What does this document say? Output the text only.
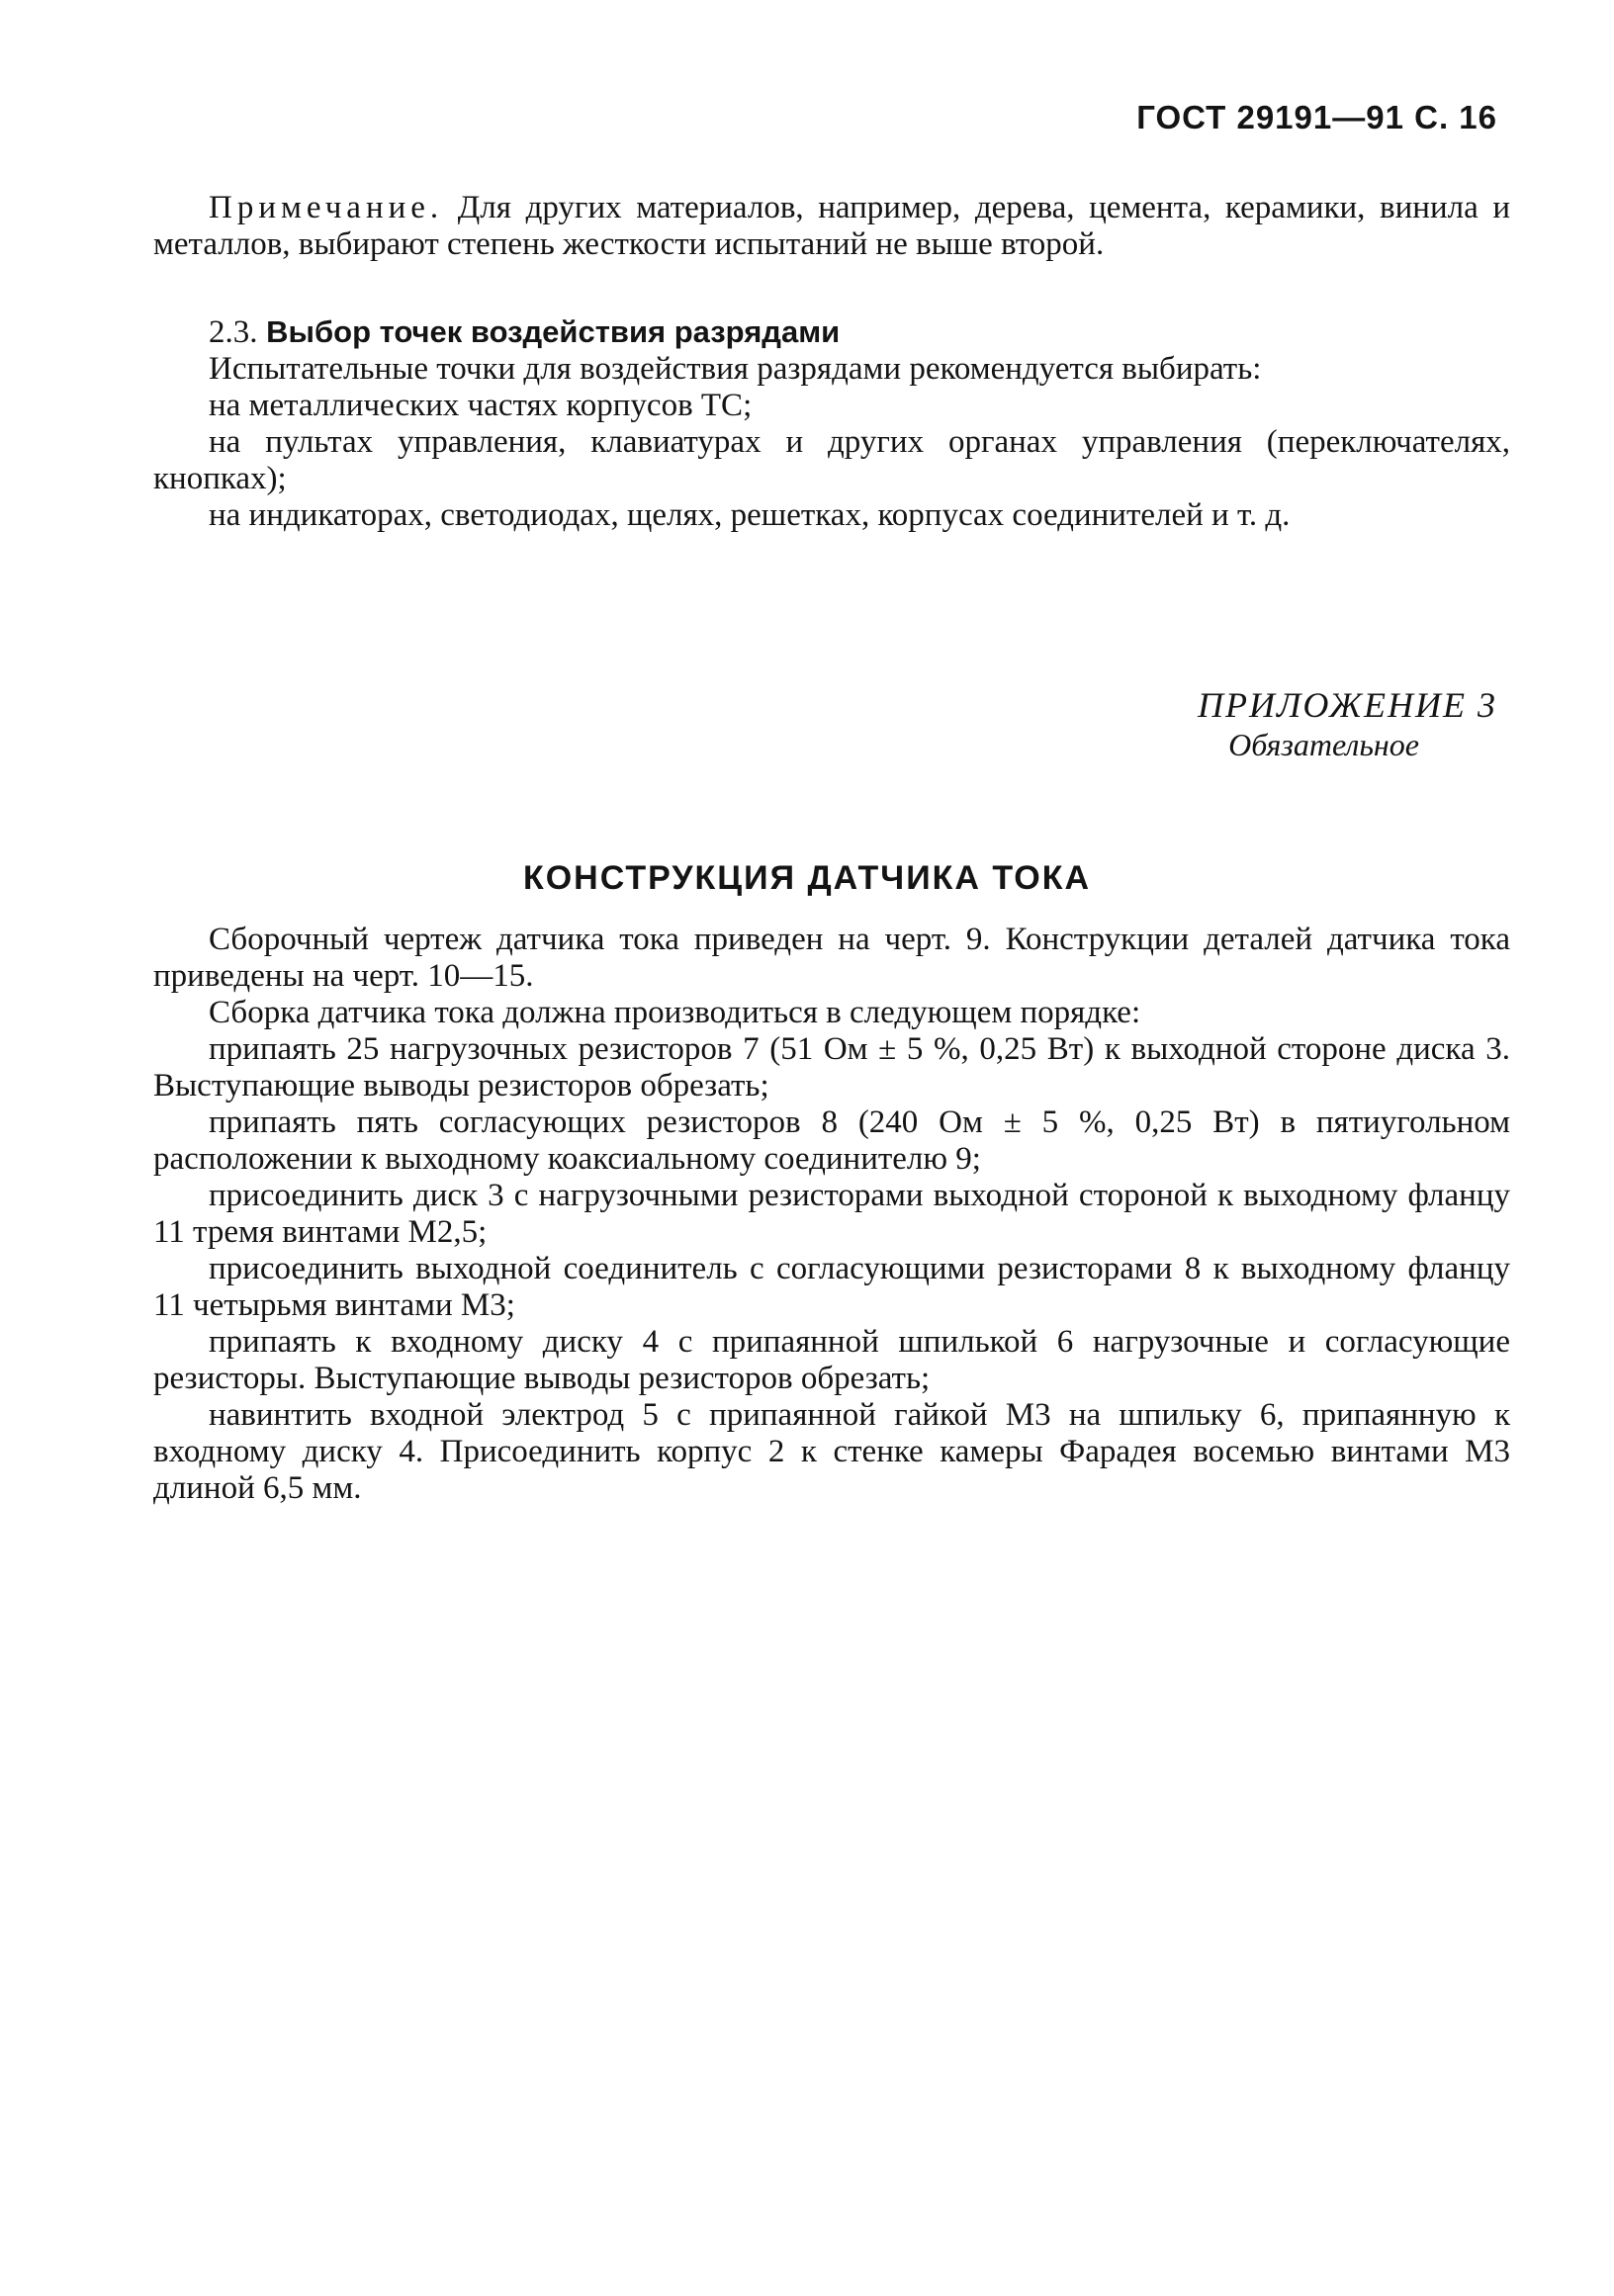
ГОСТ 29191—91 С. 16

Примечание. Для других материалов, например, дерева, цемента, керамики, винила и металлов, выбирают степень жесткости испытаний не выше второй.

2.3. Выбор точек воздействия разрядами

Испытательные точки для воздействия разрядами рекомендуется выбирать:

на металлических частях корпусов ТС;

на пультах управления, клавиатурах и других органах управления (переключателях, кнопках);

на индикаторах, светодиодах, щелях, решетках, корпусах соединителей и т. д.

ПРИЛОЖЕНИЕ 3
Обязательное
КОНСТРУКЦИЯ ДАТЧИКА ТОКА

Сборочный чертеж датчика тока приведен на черт. 9. Конструкции деталей датчика тока приведены на черт. 10—15.

Сборка датчика тока должна производиться в следующем порядке:

припаять 25 нагрузочных резисторов 7 (51 Ом ± 5 %, 0,25 Вт) к выходной стороне диска 3. Выступающие выводы резисторов обрезать;

припаять пять согласующих резисторов 8 (240 Ом ± 5 %, 0,25 Вт) в пятиугольном расположении к выходному коаксиальному соединителю 9;

присоединить диск 3 с нагрузочными резисторами выходной стороной к выходному фланцу 11 тремя винтами М2,5;

присоединить выходной соединитель с согласующими резисторами 8 к выходному фланцу 11 четырьмя винтами М3;

припаять к входному диску 4 с припаянной шпилькой 6 нагрузочные и согласующие резисторы. Выступающие выводы резисторов обрезать;

навинтить входной электрод 5 с припаянной гайкой М3 на шпильку 6, припаянную к входному диску 4. Присоединить корпус 2 к стенке камеры Фарадея восемью винтами М3 длиной 6,5 мм.
